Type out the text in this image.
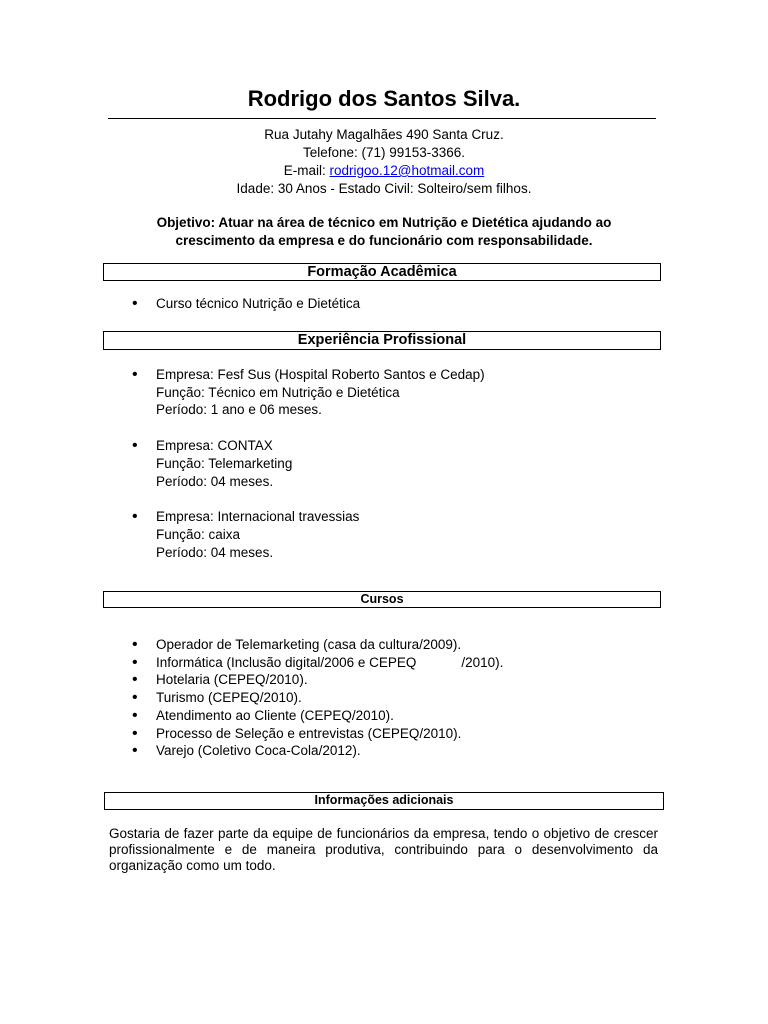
Rodrigo dos Santos Silva.
Rua Jutahy Magalhães 490 Santa Cruz.
Telefone: (71) 99153-3366.
E-mail: rodrigoo.12@hotmail.com
Idade: 30 Anos - Estado Civil: Solteiro/sem filhos.
Objetivo: Atuar na área de técnico em Nutrição e Dietética ajudando ao
crescimento da empresa e do funcionário com responsabilidade.
Formação Acadêmica
• Curso técnico Nutrição e Dietética
Experiência Profissional
• Empresa: Fesf Sus (Hospital Roberto Santos e Cedap)
Função: Técnico em Nutrição e Dietética
Período: 1 ano e 06 meses.
• Empresa: CONTAX
Função: Telemarketing
Período: 04 meses.
• Empresa: Internacional travessias
Função: caixa
Período: 04 meses.
Cursos
• Operador de Telemarketing (casa da cultura/2009).
• Informática (Inclusão digital/2006 e CEPEQ            /2010).
• Hotelaria (CEPEQ/2010).
• Turismo (CEPEQ/2010).
• Atendimento ao Cliente (CEPEQ/2010).
• Processo de Seleção e entrevistas (CEPEQ/2010).
• Varejo (Coletivo Coca-Cola/2012).
Informações adicionais
Gostaria de fazer parte da equipe de funcionários da empresa, tendo o objetivo de crescer profissionalmente e de maneira produtiva, contribuindo para o desenvolvimento da organização como um todo.
